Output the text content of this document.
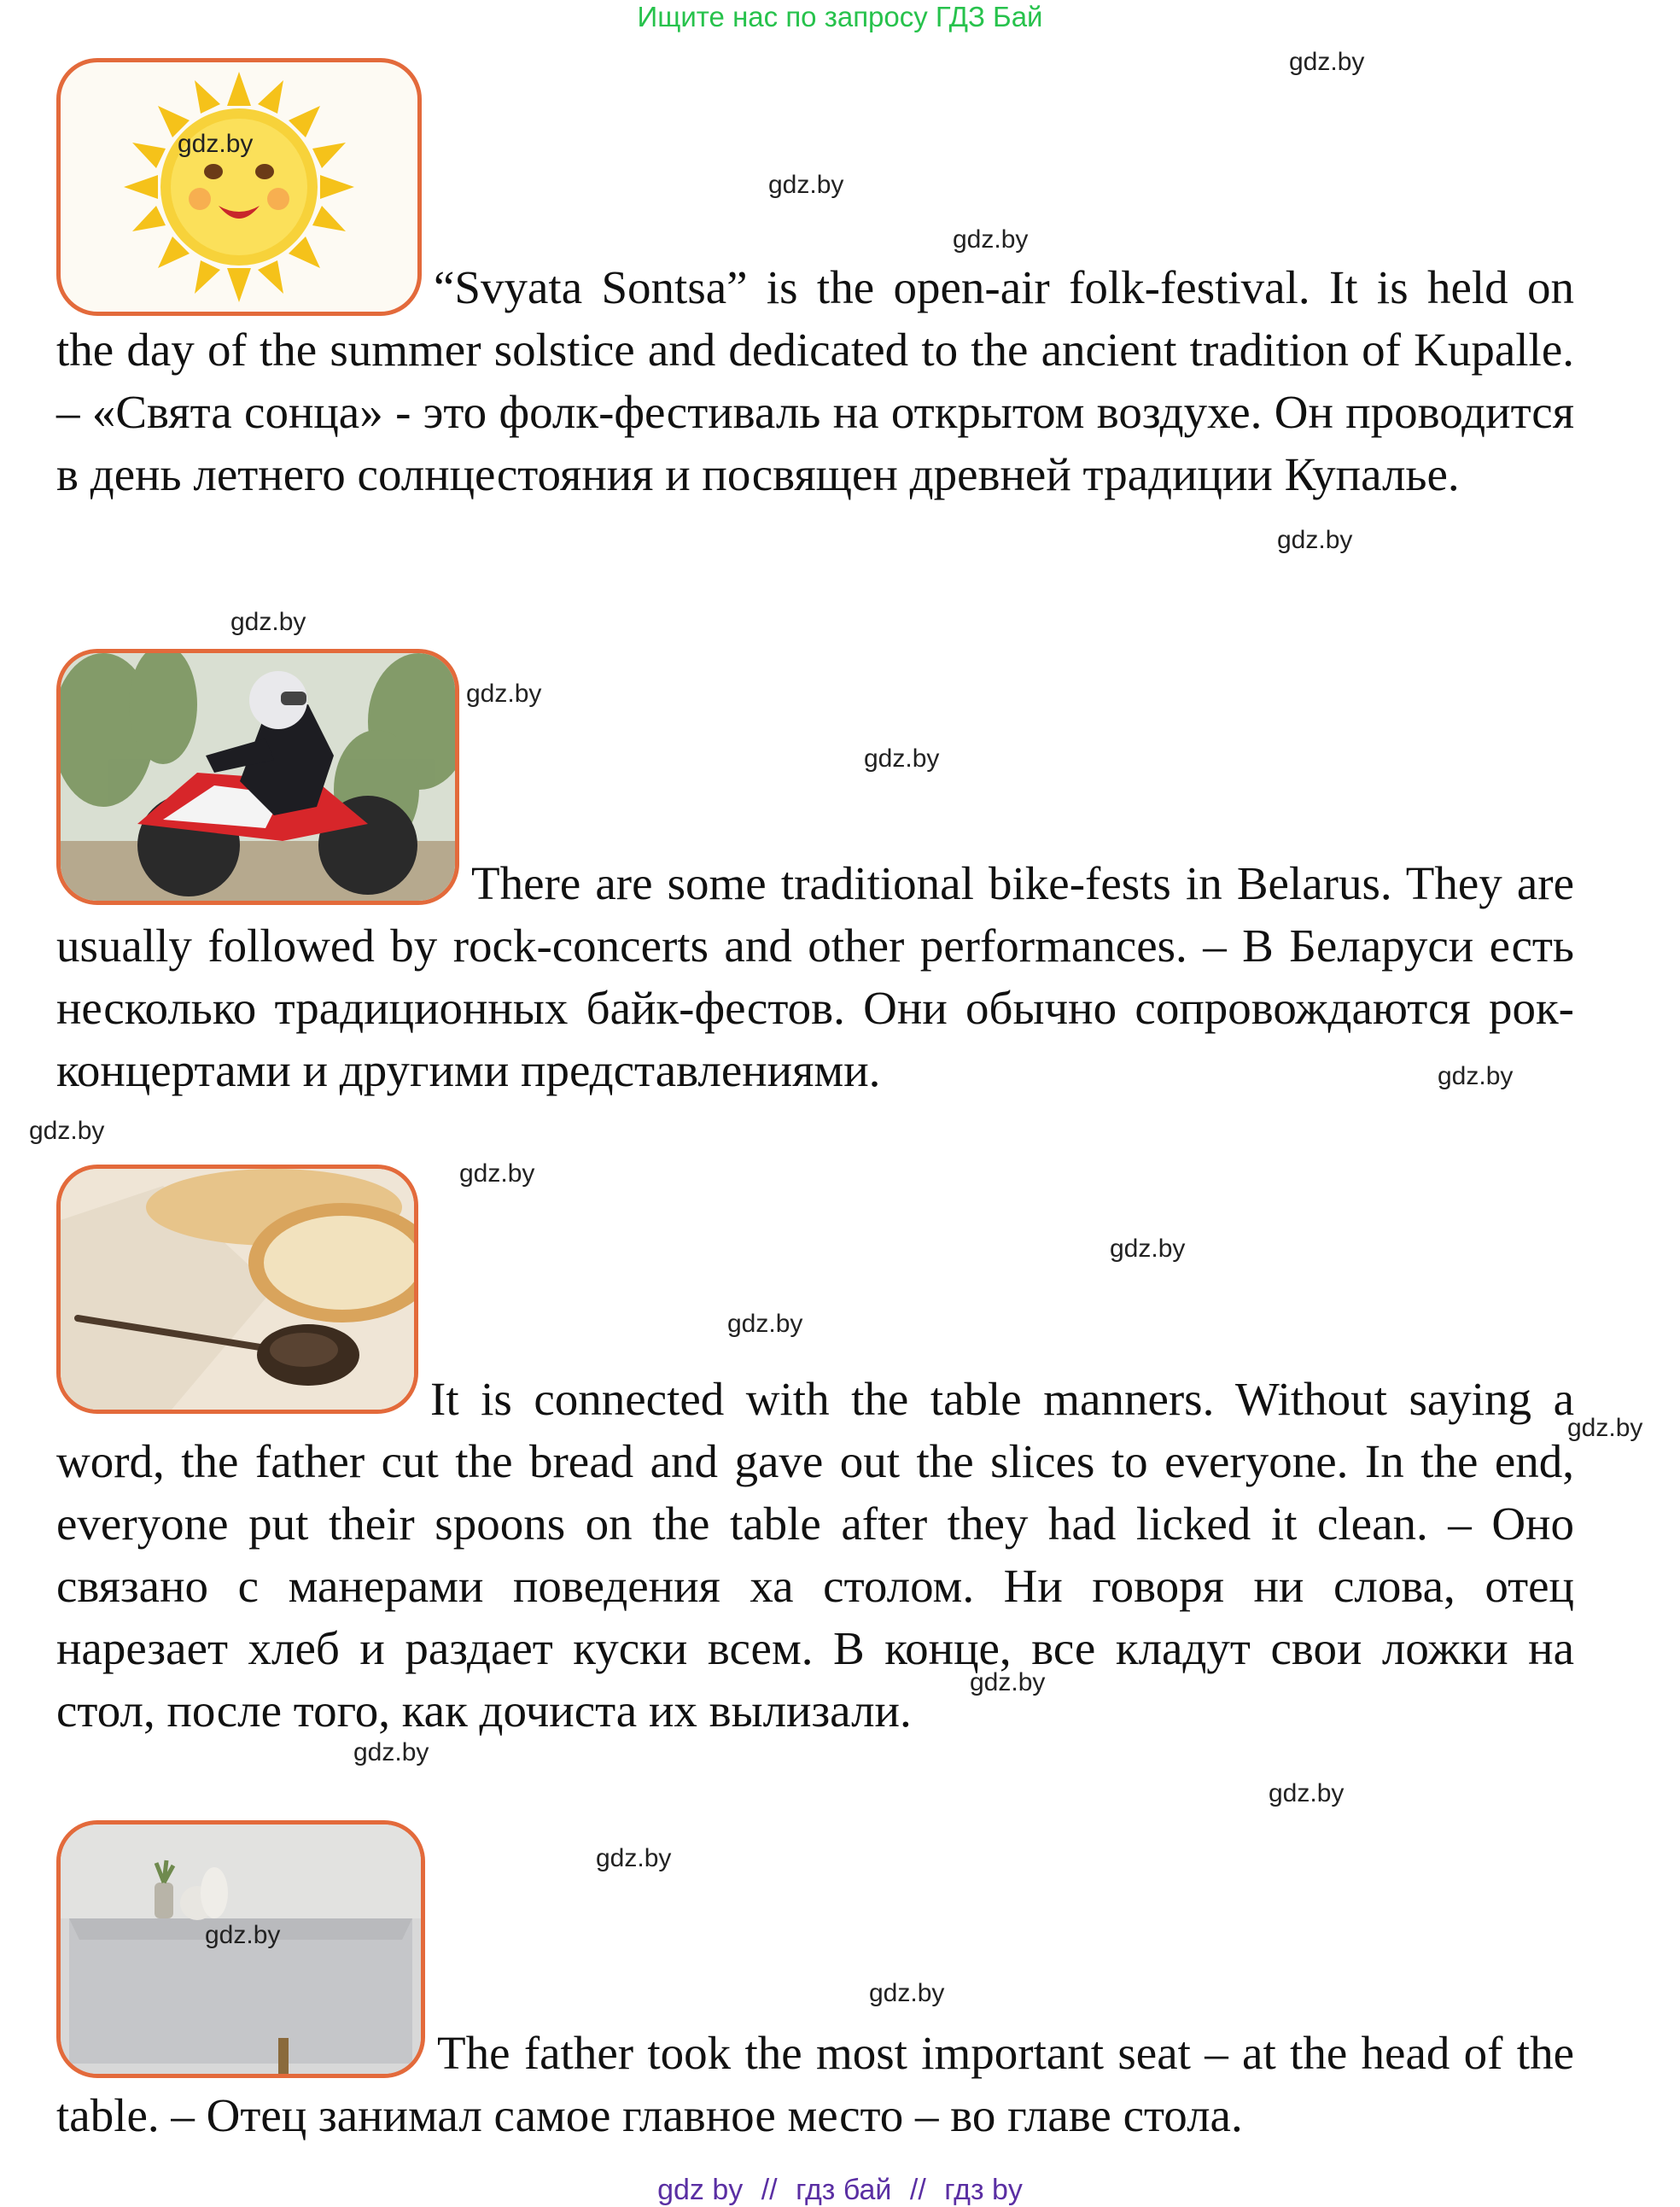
Ищите нас по запросу ГДЗ Бай
“Svyata Sontsa” is the open-air folk-festival. It is held on the day of the summer solstice and dedicated to the ancient tradition of Kupalle. – «Свята сонца» - это фолк-фестиваль на открытом воздухе. Он проводится в день летнего солнцестояния и посвящен древней традиции Купалье.
There are some traditional bike-fests in Belarus. They are usually followed by rock-concerts and other performances. – В Беларуси есть несколько традиционных байк-фестов. Они обычно сопровождаются рок-концертами и другими представлениями.
It is connected with the table manners. Without saying a word, the father cut the bread and gave out the slices to everyone. In the end, everyone put their spoons on the table after they had licked it clean. – Оно связано с манерами поведения ха столом. Ни говоря ни слова, отец нарезает хлеб и раздает куски всем. В конце, все кладут свои ложки на стол, после того, как дочиста их вылизали.
The father took the most important seat – at the head of the table. – Отец занимал самое главное место – во главе стола.
gdz.by
gdz.by
gdz.by
gdz.by
gdz.by
gdz.by
gdz.by
gdz.by
gdz.by
gdz.by
gdz.by
gdz.by
gdz.by
gdz.by
gdz.by
gdz.by
gdz.by
gdz.by
gdz.by
gdz.by
gdz by // гдз бай // гдз by
